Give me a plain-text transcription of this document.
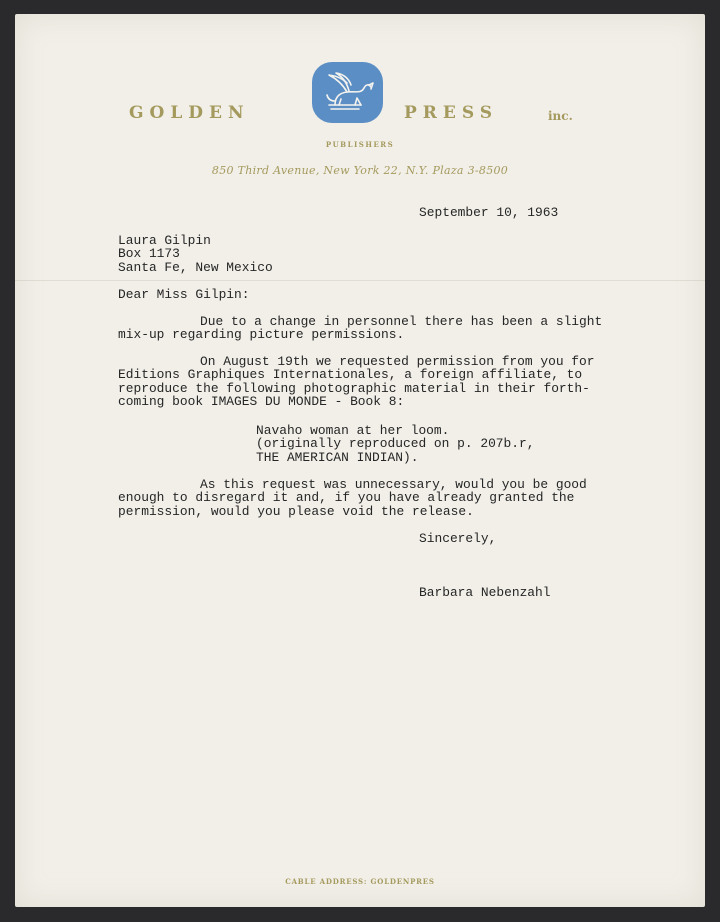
GOLDEN	PRESS	inc.
PUBLISHERS
850 Third Avenue, New York 22, N.Y. Plaza 3-8500

September 10, 1963

Laura Gilpin
Box 1173
Santa Fe, New Mexico

Dear Miss Gilpin:

Due to a change in personnel there has been a slight
mix-up regarding picture permissions.

On August 19th we requested permission from you for
Editions Graphiques Internationales, a foreign affiliate, to
reproduce the following photographic material in their forth-
coming book IMAGES DU MONDE - Book 8:

Navaho woman at her loom.
(originally reproduced on p. 207b.r,
THE AMERICAN INDIAN).

As this request was unnecessary, would you be good
enough to disregard it and, if you have already granted the
permission, would you please void the release.

Sincerely,

Barbara Nebenzahl

CABLE ADDRESS: GOLDENPRES
